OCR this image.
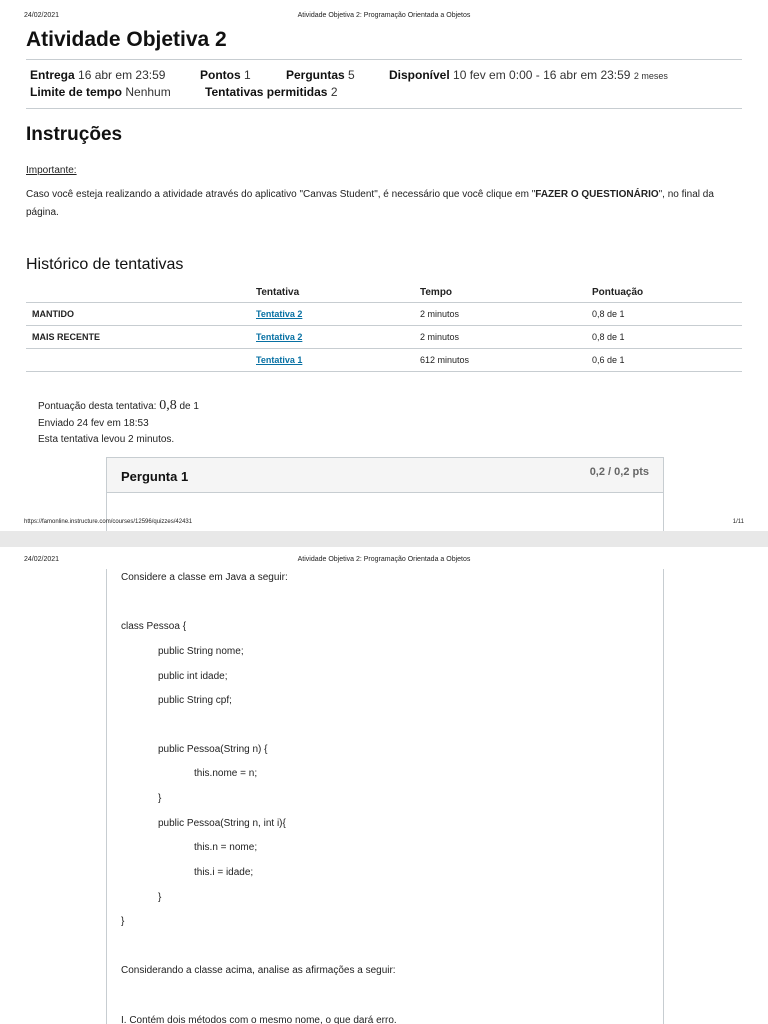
24/02/2021	Atividade Objetiva 2: Programação Orientada a Objetos
Atividade Objetiva 2
Entrega 16 abr em 23:59	Pontos 1	Perguntas 5	Disponível 10 fev em 0:00 - 16 abr em 23:59 2 meses
Limite de tempo Nenhum	Tentativas permitidas 2
Instruções
Importante:
Caso você esteja realizando a atividade através do aplicativo "Canvas Student", é necessário que você clique em "FAZER O QUESTIONÁRIO", no final da página.
Histórico de tentativas
	Tentativa	Tempo	Pontuação
MANTIDO	Tentativa 2	2 minutos	0,8 de 1
MAIS RECENTE	Tentativa 2	2 minutos	0,8 de 1
	Tentativa 1	612 minutos	0,6 de 1
Pontuação desta tentativa: 0,8 de 1
Enviado 24 fev em 18:53
Esta tentativa levou 2 minutos.
Pergunta 1	0,2 / 0,2 pts
https://famonline.instructure.com/courses/12596/quizzes/42431	1/11
24/02/2021	Atividade Objetiva 2: Programação Orientada a Objetos
Considere a classe em Java a seguir:
class Pessoa {
public String nome;
public int idade;
public String cpf;
public Pessoa(String n) {
this.nome = n;
}
public Pessoa(String n, int i){
this.n = nome;
this.i = idade;
}
}
Considerando a classe acima, analise as afirmações a seguir:
I. Contém dois métodos com o mesmo nome, o que dará erro.
